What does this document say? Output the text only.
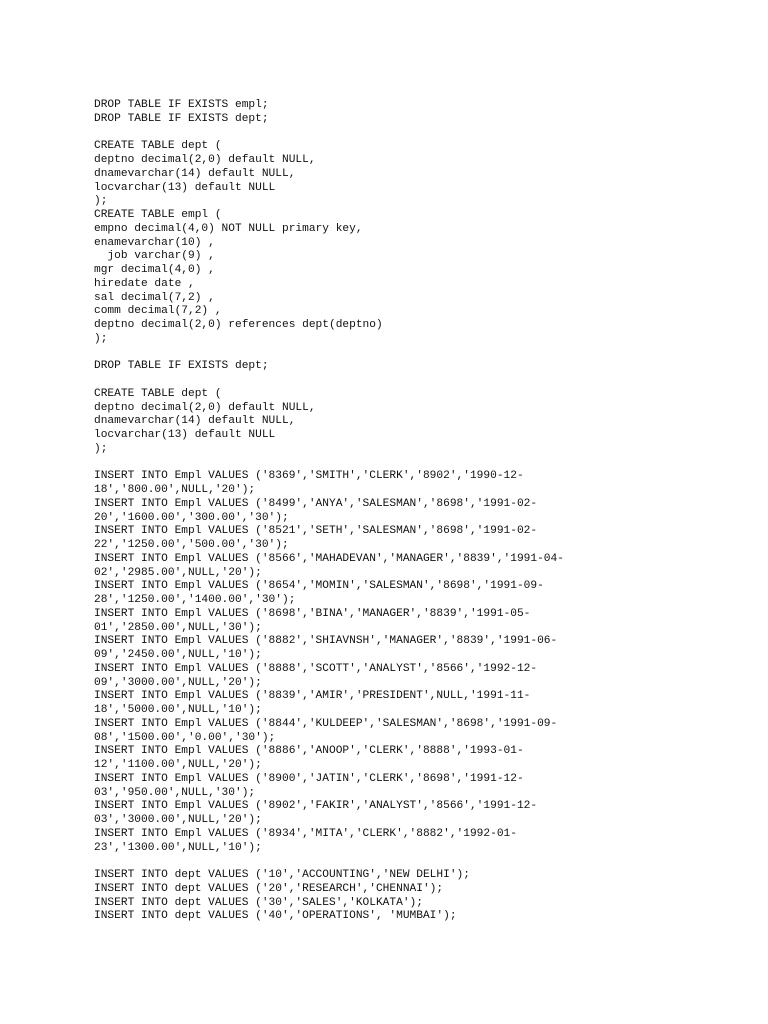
DROP TABLE IF EXISTS empl;
DROP TABLE IF EXISTS dept;
CREATE TABLE dept (
deptno decimal(2,0) default NULL,
dnamevarchar(14) default NULL,
locvarchar(13) default NULL
);
CREATE TABLE empl (
empno decimal(4,0) NOT NULL primary key,
enamevarchar(10) ,
job varchar(9) ,
mgr decimal(4,0) ,
hiredate date ,
sal decimal(7,2) ,
comm decimal(7,2) ,
deptno decimal(2,0) references dept(deptno)
);
DROP TABLE IF EXISTS dept;
CREATE TABLE dept (
deptno decimal(2,0) default NULL,
dnamevarchar(14) default NULL,
locvarchar(13) default NULL
);
INSERT INTO Empl VALUES ('8369','SMITH','CLERK','8902','1990-12-
18','800.00',NULL,'20');
INSERT INTO Empl VALUES ('8499','ANYA','SALESMAN','8698','1991-02-
20','1600.00','300.00','30');
INSERT INTO Empl VALUES ('8521','SETH','SALESMAN','8698','1991-02-
22','1250.00','500.00','30');
INSERT INTO Empl VALUES ('8566','MAHADEVAN','MANAGER','8839','1991-04-
02','2985.00',NULL,'20');
INSERT INTO Empl VALUES ('8654','MOMIN','SALESMAN','8698','1991-09-
28','1250.00','1400.00','30');
INSERT INTO Empl VALUES ('8698','BINA','MANAGER','8839','1991-05-
01','2850.00',NULL,'30');
INSERT INTO Empl VALUES ('8882','SHIAVNSH','MANAGER','8839','1991-06-
09','2450.00',NULL,'10');
INSERT INTO Empl VALUES ('8888','SCOTT','ANALYST','8566','1992-12-
09','3000.00',NULL,'20');
INSERT INTO Empl VALUES ('8839','AMIR','PRESIDENT',NULL,'1991-11-
18','5000.00',NULL,'10');
INSERT INTO Empl VALUES ('8844','KULDEEP','SALESMAN','8698','1991-09-
08','1500.00','0.00','30');
INSERT INTO Empl VALUES ('8886','ANOOP','CLERK','8888','1993-01-
12','1100.00',NULL,'20');
INSERT INTO Empl VALUES ('8900','JATIN','CLERK','8698','1991-12-
03','950.00',NULL,'30');
INSERT INTO Empl VALUES ('8902','FAKIR','ANALYST','8566','1991-12-
03','3000.00',NULL,'20');
INSERT INTO Empl VALUES ('8934','MITA','CLERK','8882','1992-01-
23','1300.00',NULL,'10');
INSERT INTO dept VALUES ('10','ACCOUNTING','NEW DELHI');
INSERT INTO dept VALUES ('20','RESEARCH','CHENNAI');
INSERT INTO dept VALUES ('30','SALES','KOLKATA');
INSERT INTO dept VALUES ('40','OPERATIONS', 'MUMBAI');
